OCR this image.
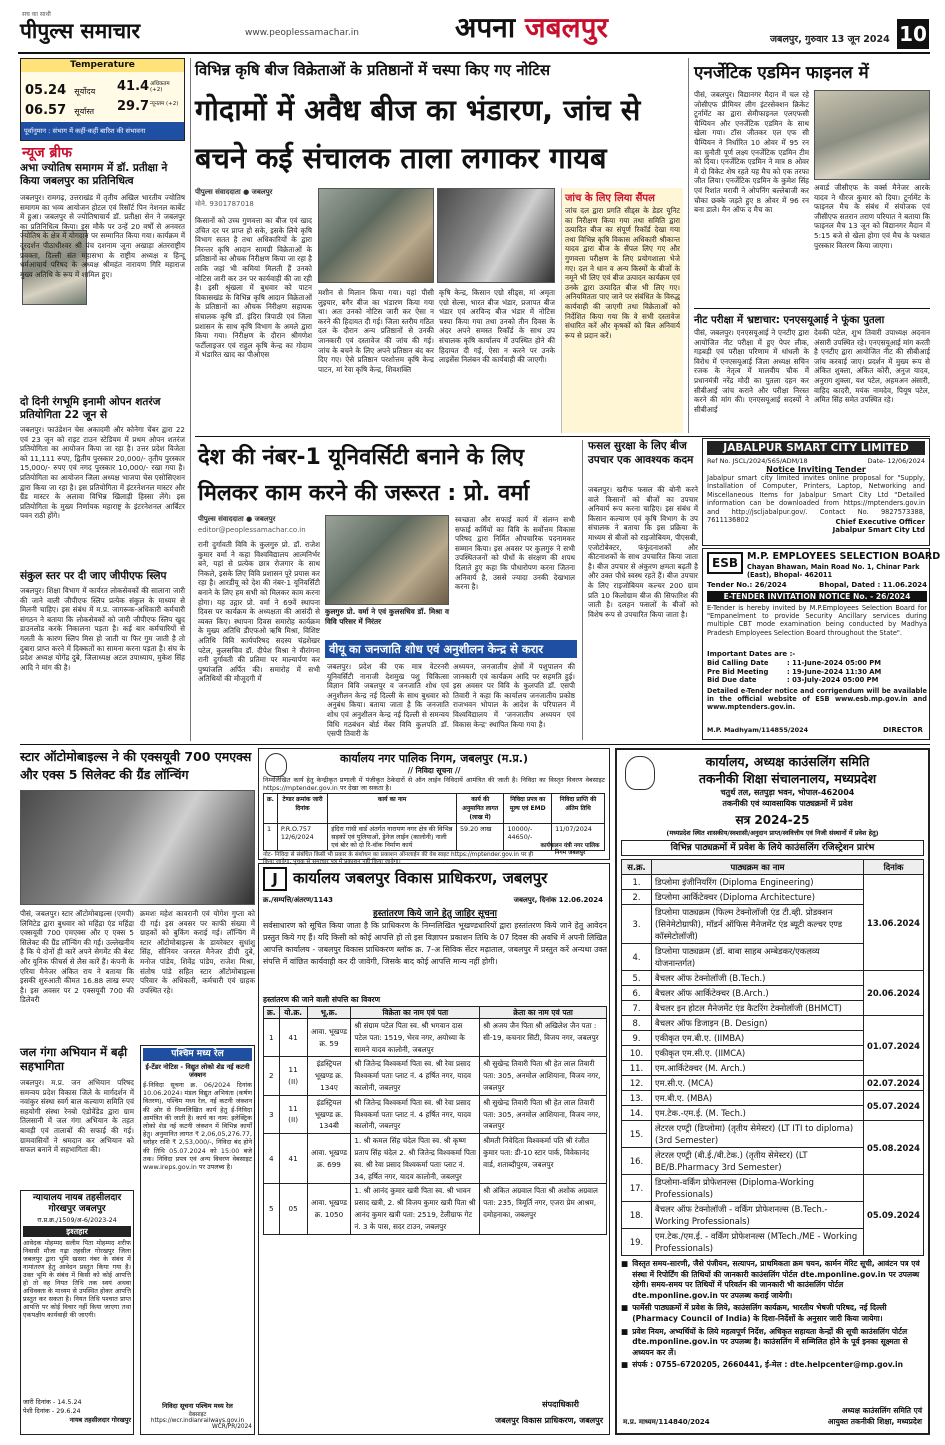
सच का साथी
पीपुल्स समाचार	www.peoplessamachar.in	अपना जबलपुर	जबलपुर, गुरुवार 13 जून 2024 10
Temperature
05.24 सूर्योदय 41.4 अधिकतम (+2)
06.57 सूर्यास्त 29.7 न्यूनतम (+2)
पूर्वानुमान : संभाग में कहीं-कहीं बारिश की संभावना
न्यूज ब्रीफ
अभा ज्योतिष समागम में डॉ. प्रतीक्षा ने किया जबलपुर का प्रतिनिधित्व
जबलपुर। रामगढ़, उत्तराखंड में तृतीय अखिल भारतीय ज्योतिष समागम का भव्य आयोजन होटल एवं रिसॉर्ट पिन नेशनल कार्बेट में हुआ। जबलपुर से ज्योतिषाचार्य डॉ. प्रतीक्षा सेन ने जबलपुर का प्रतिनिधित्व किया। इस मौके पर उन्हें 20 वर्षों से अनवरत ज्योतिष के क्षेत्र में योगदान पर सम्मानित किया गया। कार्यक्रम में दूरदर्शन पीठाधीश्वर श्री पंच दशनाम जूना अखाड़ा अंतरराष्ट्रीय प्रवक्ता, दिल्ली संत महासभा के राष्ट्रीय अध्यक्ष व हिन्दू धर्मआचार्य परिषद के अध्यक्ष श्रीमहंत नारायण गिरि महाराज मुख्य अतिथि के रूप में शामिल हुए।
दो दिनी रंगभूमि इनामी ओपन शतरंज प्रतियोगिता 22 जून से
जबलपुर। फाउंडेशन चेस अकादमी और कोनेगा चेंबर द्वारा 22 एवं 23 जून को राइट टाउन स्टेडियम में प्रथम ओपन शतरंज प्रतियोगिता का आयोजन किया जा रहा है। उत्तर प्रदेश विजेता को 11,111 रुपए, द्वितीय पुरस्कार 20,000/- तृतीय पुरस्कार 15,000/- रुपए एवं नगद पुरस्कार 10,000/- रखा गया है। प्रतियोगिता का आयोजन जिला अध्यक्ष भाजपा चेस एसोसिएशन द्वारा किया जा रहा है। इस प्रतियोगिता में इंटरनेशनल मास्टर और ग्रैंड मास्टर के अलावा विभिन्न खिलाड़ी हिस्सा लेंगे। इस प्रतियोगिता के मुख्य निर्णायक महाराष्ट्र के इंटरनेशनल आर्बिटर पवन राठी होंगे।
संकुल स्तर पर दी जाए जीपीएफ स्लिप
जबलपुर। शिक्षा विभाग में कार्यरत लोकसेवकों की सालाना जारी की जाने वाली जीपीएफ स्लिप प्रत्येक संकुल के माध्यम से मिलनी चाहिए। इस संबंध में म.प्र. जागरूक-अधिकारी कर्मचारी संगठन ने बताया कि लोकसेवकों को जारी जीपीएफ स्लिप खुद डाउनलोड करके निकालना पड़ता है। कई बार कर्मचारियों से गलती के कारण स्लिप मिस हो जाती या फिर गुम जाती है तो दुबारा प्राप्त करने में दिक्कतों का सामना करना पड़ता है। संघ के प्रदेश अध्यक्ष योगेंद्र दुबे, जिलाध्यक्ष अटल उपाध्याय, मुकेश सिंह आदि ने मांग की है।
विभिन्न कृषि बीज विक्रेताओं के प्रतिष्ठानों में चस्पा किए गए नोटिस
गोदामों में अवैध बीज का भंडारण, जांच से बचने कई संचालक ताला लगाकर गायब
पीपुल्स संवाददाता ● जबलपुर
मोने. 9301787018
किसानों को उच्च गुणवत्ता का बीज एवं खाद उचित दर पर प्राप्त हो सके, इसके लिये कृषि विभाग सतत है तथा अधिकारियों के द्वारा निरन्तर कृषि आदान सामग्री विक्रेताओं के प्रतिष्ठानों का औचक निरीक्षण किया जा रहा है ताकि जहां भी कमियां मिलती हैं उनको नोटिस जारी कर उन पर कार्यवाही की जा रही है। इसी श्रृंखला में बुधवार को पाटन विकासखंड के विभिन्न कृषि आदान विक्रेताओं के प्रतिष्ठानों का औचक निरीक्षण सहायक संचालक कृषि डॉ. इंदिरा त्रिपाठी एवं जिला प्रशासन के साथ कृषि विभाग के अमले द्वारा किया गया। निरीक्षण के दौरान श्रीगणेश फर्टीलाइजर एवं राहुल कृषि केन्द्र का गोदाम में भंडारित खाद का पीओएस
मशीन से मिलान किया गया। यहां पीसी लुइयार, बगैर बीज का भंडारण किया गया था। अतः उनको नोटिस जारी कर ऐसा न करने की हिदायत दी गई। जिला स्तरीय गठित दल के दौरान अन्य प्रतिष्ठानों से उनकी जानकारी एवं दस्तावेज की जांच की गई। जांच के बचने के लिए अपने प्रतिष्ठान बंद कर दिए गए। ऐसे प्रतिष्ठान परशोत्तम कृषि केन्द्र पाटन, मां रेवा कृषि केन्द्र, शिवशक्ति
कृषि केन्द्र, किसान एग्रो सीड्स, मां अमृता एग्रो सेल्स, भारत बीज भंडार, प्रजापत बीज भंडार एवं अरविन्द बीज भंडार में नोटिस चस्पा किया गया तथा उनको तीन दिवस के अंदर अपने समस्त रिकॉर्ड के साथ उप संचालक कृषि कार्यालय में उपस्थित होने की हिदायत दी गई, ऐसा न करने पर उनके लाइसेंस निलंबन की कार्यवाही की जाएगी।
जांच के लिए लिया सैंपल
जांच दल द्वारा प्रगति सीड्स के डेडर यूनिट का निरीक्षण किया गया तथा समिति द्वारा उत्पादित बीज का संपूर्ण रिकॉर्ड देखा गया तथा विभिन्न कृषि विकास अधिकारी श्रीकान्त यादव द्वारा बीज के सैंपल लिए गए और गुणवत्ता परीक्षण के लिए प्रयोगशाला भेजे गए। दल ने धान व अन्य किस्मों के बीजों के नमूने भी लिए एवं बीज उत्पादन कार्यक्रम एवं उनके द्वारा उत्पादित बीज भी लिए गए। अनियमितता पाए जाने पर संबंधित के विरुद्ध कार्यवाही की जाएगी तथा विक्रेताओं को निर्देशित किया गया कि वे सभी दस्तावेज संधारित करें और कृषकों को बिल अनिवार्य रूप से प्रदान करें।
एनर्जेटिक एडमिन फाइनल में
पीसं, जबलपुर। विद्यानगर मैदान में चल रहे जोसीएफ प्रीमियर लीग इंटरसेक्शन क्रिकेट टूर्नामेंट का द्वारा सेमीफाइनल एलएफसी चैम्पियन और एनर्जेटिक एडमिन के साथ खेला गया। टॉस जीतकर एल एफ सी चैम्पियन ने निर्धारित 10 ओवर में 95 रन का चुनौती पूर्ण लक्ष्य एनर्जेटिक एडमिन टीम को दिया। एनर्जेटिक एडमिन ने मात्र 8 ओवर में दो विकेट शेष रहते यह मैच को एक तरफा जीत लिया। एनर्जेटिक एडमिन के कुमेश सिंह एवं रिशांत मरावी ने ओपनिंग बल्लेबाजी कर चौका छक्के जड़ते हुए 8 ओवर में 96 रन बना डाले। मैन ऑफ द मैच का
अवार्ड जीसीएफ के वर्क्स मैनेजर आरके यादव ने धीरज कुमार को दिया। टूर्नामेंट के फाइनल मैच के संबंध में संयोजक एवं जीसीएफ सतरान तराण परियात ने बताया कि फाइनल मैच 13 जून को विद्यानगर मैदान में 5:15 बजे से खेला होगा एवं मैच के पश्चात पुरस्कार वितरण किया जाएगा।
नीट परीक्षा में भ्रष्टाचार: एनएसयूआई ने फूंका पुतला
पीसं, जबलपुर। एनएसयूआई ने एनटीए द्वारा आयोजित नीट परीक्षा में हुए पेपर लीक, गड़बड़ी एवं परीक्षा परिणाम में धांधली के विरोध में एनएसयूआई जिला अध्यक्ष सचिन रजक के नेतृत्व में मालवीय चौक में प्रधानमंत्री नरेंद्र मोदी का पुतला दहन कर सीबीआई जांच कराने और परीक्षा निरस्त करने की मांग की। एनएसयूआई सदस्यों ने सीबीआई
देवकी पटेल, शुभ तिवारी उपाध्यक्ष अदनान अंसारी उपस्थित रहे। एनएसयूआई मांग करती है एनटीए द्वारा आयोजित नीट की सीबीआई जांच करवाई जाए। प्रदर्शन में मुख्य रूप से अंकित शुक्ला, अंकित कोरी, अनुज यादव, अनुराग शुक्ला, यश पटेल, अहमअन अंसारी, वाहिद कादरी, मयंक नामदेव, पियूष पटेल, अमित सिंह समेत उपस्थित रहे।
देश की नंबर-1 यूनिवर्सिटी बनाने के लिए मिलकर काम करने की जरूरत : प्रो. वर्मा
पीपुल्स संवाददाता ● जबलपुर
editor@peoplessamachar.co.in
रानी दुर्गावती विवि के कुलगुरु प्रो. डॉ. राजेश कुमार वर्मा ने कहा विश्वविद्यालय आत्मनिर्भर बने, यहां से प्रत्येक छात्र रोजगार के साथ निकले, इसके लिए विवि प्रशासन पूरे प्रयास कर रहा है। आरडीयू को देश की नंबर-1 यूनिवर्सिटी बनाने के लिए हम सभी को मिलकर काम करना होगा। यह उद्गार प्रो. वर्मा ने 69वें स्थापना दिवस पर कार्यक्रम के अध्यक्षता की आसंदी से व्यक्त किए। स्थापना दिवस समारोह कार्यक्रम के मुख्य अतिथि डीएफओ ऋषि मिश्रा, विशिष्ट अतिथि विवि कार्यपरिषद सदस्य चंद्रशेखर पटेल, कुलसचिव डॉ. दीपेश मिश्रा ने वीरांगना रानी दुर्गावती की प्रतिमा पर माल्यार्पण कर पुष्पांजलि अर्पित की। समारोह में सभी अतिथियों की मौजूदगी में
कुलगुरु प्रो. वर्मा ने एवं कुलसचिव डॉ. मिश्रा व विवि परिसर में निरंतर
स्वच्छता और सफाई कार्य में संलग्न सभी सफाई कर्मियों का विवि के सर्वोत्तम विकास परिषद द्वारा निर्मित औपचारिक पदनामकर सम्मान किया। इस अवसर पर कुलगुरु ने सभी उपस्थितजनों को पौधों के संरक्षण की शपथ दिलाते हुए कहा कि पौधारोपण करना जितना अनिवार्य है, उससे ज्यादा उनकी देखभाल करना है।
वीयू का जनजाति शोध एवं अनुशीलन केन्द्र से करार
जबलपुर। प्रदेश की एक मात्र वेटरनरी यूनिवर्सिटी नानाजी देशमुख पशु चिकित्सा विज्ञान विवि जबलपुर व जनजाति शोध एवं अनुशीलन केन्द्र नई दिल्ली के साथ बुधवार को अनुबंध किया। बताया जाता है कि जनजाति शोध एवं अनुशीलन केन्द्र नई दिल्ली से समन्वय विधि गठबंधन बोर्ड मेंबर विवि कुलपति डॉ. एसपी तिवारी के
अध्ययन, जनजातीय क्षेत्रों में पशुपालन की जानकारी एवं कार्यक्रम आदि पर सहमति हुई। इस अवसर पर विवि के कुलपति डॉ. एसपी तिवारी ने कहा कि कार्यालय जनजातीय प्रकोष्ठ राजभवन भोपाल के आदेश के परिपालन में विश्वविद्यालय में 'जनजातीय अध्ययन एवं विकास केन्द्र' स्थापित किया गया है।
फसल सुरक्षा के लिए बीज उपचार एक आवश्यक कदम
जबलपुर। खरीफ फसल की बोनी करने वाले किसानों को बीजों का उपचार अनिवार्य रूप करना चाहिए। इस संबंध में किसान कल्याण एवं कृषि विभाग के उप संचालक ने बताया कि इस प्रक्रिया के माध्यम से बीजों को राइजोबियम, पीएसबी, एजोटोबेक्टर, फंफूंदनाशकों और कीटनाशकों के साथ उपचारित किया जाता है। बीज उपचार से अंकुरण क्षमता बढ़ती है और उक्त पौधे स्वस्थ रहते हैं। बीज उपचार के लिए राइजोबियम कल्चर 200 ग्राम प्रति 10 किलोग्राम बीज की सिफारिश की जाती है। दलहन फसलों के बीजों को विशेष रूप से उपचारित किया जाता है।
JABALPUR SMART CITY LIMITED
Ref No. JSCL/2024/565/ADM/18	Date- 12/06/2024
Notice Inviting Tender
Jabalpur smart city limited invites online proposal for "Supply, Installation of Computer, Printers, Laptop, Networking and Miscellaneous Items for Jabalpur Smart City Ltd "Detailed information can be downloaded from https://mptenders.gov.in and http://jscljabalpur.gov/. Contact No. 9827573388, 7611136802	Chief Executive Officer
Jabalpur Smart City Ltd
ESB M.P. EMPLOYEES SELECTION BOARD
Chayan Bhawan, Main Road No. 1, Chinar Park (East), Bhopal- 462011
Tender No.: 26/2024	Bhopal, Dated : 11.06.2024
E-TENDER INVITATION NOTICE No. - 26/2024
E-Tender is hereby invited by M.P.Employees Selection Board for "Empanelment to provide Security Ancillary services during multiple CBT mode examination being conducted by Madhya Pradesh Employees Selection Board throughout the State".
Important Dates are :-
Bid Calling Date	: 11-June-2024 05:00 PM
Pre Bid Meeting	: 19-June-2024 11:30 AM
Bid Due date	: 03-July-2024 05:00 PM
Detailed e-Tender notice and corrigendum will be available in the official website of ESB www.esb.mp.gov.in and www.mptenders.gov.in.
M.P. Madhyam/114855/2024	DIRECTOR
स्टार ऑटोमोबाइल्स ने की एक्सयूवी 700 एमएक्स और एक्स 5 सिलेक्ट की ग्रैंड लॉन्चिंग
पीसं, जबलपुर। स्टार ऑटोमोबाइल्स (एमपी) लिमिटेड द्वारा बुधवार को महिंद्रा एंड महिंद्रा एक्सयूवी 700 एमएक्स और ए एक्स 5 सिलेक्ट की ग्रैंड लॉन्चिंग की गई। उल्लेखनीय है कि ये दोनों ही कारें अपने सेगमेंट की बेस्ट और यूनिक फीचर्स से लैस कारें हैं। कंपनी के एरिया मैनेजर अंकित राय ने बताया कि इसकी शुरुआती कीमत 16.88 लाख रुपए है। इस अवसर पर 2 एक्सयूवी 700 की डिलेवरी
क्रमशः महेश कावरानी एवं योगेश गुप्ता को दी गई। इस अवसर पर काफी संख्या में ग्राहकों को बुकिंग कराई गई। लॉन्चिंग में स्टार ऑटोमोबाइल्स के डायरेक्टर सुधांशु सिंह, सीनियर जनरल मैनेजर डीपी दुबे, मनोज पांडेय, शिवेंद्र पांडेय, राजेश मिश्रा, संतोष पांडे सहित स्टार ऑटोमोबाइल्स परिवार के अधिकारी, कर्मचारी एवं ग्राहक उपस्थित रहे।
जल गंगा अभियान में बढ़ी सहभागिता
जबलपुर। म.प्र. जन अभियान परिषद समन्वय प्रदेश विकास जिले के मार्गदर्शन में नवांकुर संस्था स्वर्ग बाल कल्याण समिति एवं सहयोगी संस्था रेनबो एंडोवेंडेड द्वारा ग्राम तिलसानी में जल गंगा अभियान के तहत बावड़ी एवं तालाबों की सफाई की गई। ग्रामवासियों ने श्रमदान कर अभियान को सफल बनाने में सहभागिता की।
न्यायालय नायब तहसीलदार गोरखपुर जबलपुर
रा.प्र.क्र./1509/अ-6/2023-24
इश्तहार
आवेदक मोहम्मद सलीम पिता मोहम्मद शरीफ निवासी मौजा गढ़ा तहसील गोरखपुर जिला जबलपुर द्वारा भूमि खसरा नंबर के संबंध में नामांतरण हेतु आवेदन प्रस्तुत किया गया है। उक्त भूमि के संबंध में किसी को कोई आपत्ति हो तो वह नियत तिथि तक स्वयं अथवा अधिवक्ता के माध्यम से उपस्थित होकर आपत्ति प्रस्तुत कर सकता है। नियत तिथि पश्चात प्राप्त आपत्ति पर कोई विचार नहीं किया जाएगा तथा एकपक्षीय कार्यवाही की जाएगी।
जारी दिनांक - 14.5.24
पेशी दिनांक - 29.6.24
नायब तहसीलदार गोरखपुर
पश्चिम मध्य रेल
ई-टेंडर नोटिस - विद्युत लोको शेड नई कटनी जंक्शन
ई-निविदा सूचना क्र. 06/2024 दिनांक 10.06.2024। मंडल विद्युत अभियंता (कर्षण वितरण), पश्चिम मध्य रेल, नई कटनी जंक्शन की ओर से निम्नलिखित कार्य हेतु ई-निविदा आमंत्रित की जाती है। कार्य का नाम: इलेक्ट्रिक लोको शेड नई कटनी जंक्शन में विभिन्न कार्यों हेतु। अनुमानित लागत ₹ 2,06,05,276.77, धरोहर राशि ₹ 2,53,000/-, निविदा बंद होने की तिथि 05.07.2024 को 15:00 बजे तक। निविदा प्रपत्र एवं अन्य विवरण वेबसाइट www.ireps.gov.in पर उपलब्ध है।
निविदा सूचना पश्चिम मध्य रेल
वेबसाइट https://wcr.indianrailways.gov.in
WCR/PR/2024
कार्यालय नगर पालिक निगम, जबलपुर (म.प्र.)
// निविदा सूचना //
निम्नलिखित कार्य हेतु केन्द्रीकृत प्रणाली में पंजीकृत ठेकेदारों से ऑन लाईन निविदायें आमंत्रित की जाती है। निविदा का विस्तृत विवरण वेबसाइट https://mptender.gov.in पर देखा जा सकता है।
क्र.	टेण्डर क्रमांक जारी दिनांक	कार्य का नाम	कार्य की अनुमानित लागत (लाख में)	निविदा प्रपत्र का मूल्य एवं EMD	निविदा प्राप्ति की अंतिम तिथि
1	P.R.O.757 12/6/2024	इंदिरा गांधी वार्ड अंतर्गत नारायण नगर क्षेत्र की विभिन्न सड़कों एवं पुलियाओं, ड्रेनेज लाईन (कालोनी) नाली एवं बोर को दो रि-वॉक निर्माण कार्य	59.20 लाख	10000/- 44650/-	11/07/2024
नोट- निविदा से संबंधित किसी भी प्रकार के संशोधन का प्रकाशन ऑनलाईन की वेब साइट https://mptender.gov.in पर ही किया जावेगा, पृथक से समाचार पत्र में प्रकाशन नहीं किया जावेगा।
कार्यपालन यंत्री नगर पालिक निगम जबलपुर
J	कार्यालय जबलपुर विकास प्राधिकरण, जबलपुर
क्र./सम्पत्ति/अंतरण/1143	जबलपुर, दिनांक 12.06.2024
हस्तांतरण किये जाने हेतु जाहिर सूचना
सर्वसाधारण को सूचित किया जाता है कि प्राधिकरण के निम्नलिखित भूखण्डधारियों द्वारा हस्तांतरण किये जाने हेतु आवेदन प्रस्तुत किये गए हैं। यदि किसी को कोई आपत्ति हो तो इस विज्ञापन प्रकाशन तिथि के 07 दिवस की अवधि में अपनी लिखित आपत्ति कार्यालय - जबलपुर विकास प्राधिकरण ब्लॉक क्र. 7-अ सिविक सेंटर मढ़ाताल, जबलपुर में प्रस्तुत करें अन्यथा उक्त संपत्ति में वांछित कार्यवाही कर दी जावेगी, जिसके बाद कोई आपत्ति मान्य नहीं होगी।
हस्तांतरण की जाने वाली संपत्ति का विवरण
क्र.	यो.क्र.	भू.क्र.	विक्रेता का नाम एवं पता	क्रेता का नाम एवं पता
1	41	आवा. भूखण्ड क्र. 59	श्री संग्राम पटेल पिता स्व. श्री भगवान दास पटेल पता: 1519, भेरव नगर, अयोध्या के सामने यादव कालोनी, जबलपुर	श्री अजय जैन पिता श्री अखिलेश जैन पता : सी-19, कचनार सिटी, विजय नगर, जबलपुर
2	11 (II)	इंडस्ट्रियल भूखण्ड क्र. 134ए	श्री जितेन्द्र विश्वकर्मा पिता स्व. श्री रेवा प्रसाद विश्वकर्मा पताः प्लाट नं. 4 हर्षित नगर, यादव कालोनी, जबलपुर	श्री सुखेन्द्र तिवारी पिता श्री हेत लाल तिवारी पता: 305, अनमोल आशियाना, विजय नगर, जबलपुर
3	11 (II)	इंडस्ट्रियल भूखण्ड क्र. 134बी	श्री जितेन्द्र विश्वकर्मा पिता स्व. श्री रेवा प्रसाद विश्वकर्मा पताः प्लाट नं. 4 हर्षित नगर, यादव कालोनी, जबलपुर	श्री सुखेन्द्र तिवारी पिता श्री हेत लाल तिवारी पता: 305, अनमोल आशियाना, विजय नगर, जबलपुर
4	41	आवा. भूखण्ड क्र. 699	1. श्री कमल सिंह चंदेल पिता स्व. श्री कृष्ण प्रताप सिंह चंदेल 2. श्री जितेन्द्र विश्वकर्मा पिता स्व. श्री रेवा प्रसाद विश्वकर्मा पताः प्लाट नं. 34, हर्षित नगर, यादव कालोनी, जबलपुर	श्रीमती निवेदिता विश्वकर्मा पति श्री रंजीत कुमार पता: डी-10 स्टार पार्क, विवेकानंद वार्ड, शताब्दीपुरम, जबलपुर
5	05	आवा. भूखण्ड क्र. 1050	1. श्री आनंद कुमार खत्री पिता स्व. श्री भावन प्रसाद खत्री, 2. श्री विजय कुमार खत्री पिता श्री आनंद कुमार खत्री पता: 2519, टेलीग्राफ गेट नं. 3 के पास, सदर टाउन, जबलपुर	श्री अंकित अग्रवाल पिता श्री अशोक अग्रवाल पता: 235, त्रिमूर्ति नगर, एजरा प्रेम आश्रम, दमोहनाका, जबलपुर
संपदाधिकारी
जबलपुर विकास प्राधिकरण, जबलपुर
कार्यालय, अध्यक्ष काउंसलिंग समिति
तकनीकी शिक्षा संचालनालय, मध्यप्रदेश
चतुर्थ तल, सतपुड़ा भवन, भोपाल-462004
तकनीकी एवं व्यावसायिक पाठ्यक्रमों में प्रवेश
सत्र 2024-25
(मध्यप्रदेश स्थित शासकीय/स्वशासी/अनुदान प्राप्त/स्ववित्तीय एवं निजी संस्थानों में प्रवेश हेतु)
विभिन्न पाठ्यक्रमों में प्रवेश के लिये काउंसलिंग रजिस्ट्रेशन प्रारंभ
स.क्र.	पाठ्यक्रम का नाम	दिनांक
1.	डिप्लोमा इंजीनियरिंग (Diploma Engineering)	13.06.2024
2.	डिप्लोमा आर्किटेक्चर (Diploma Architecture)	
3.	डिप्लोमा पाठ्यक्रम (फिल्म टेक्नोलॉजी एंड टी.व्ही. प्रोडक्शन (सिनेमेटोग्राफी), मॉडर्न ऑफिस मैनेजमेंट एंड ब्यूटी कल्चर एण्ड कॉस्मेटोलॉजी)	
4.	डिप्लोमा पाठ्यक्रम (डॉ. बाबा साहब अम्बेडकर/एकलव्य योजनान्तर्गत)	
5.	बैचलर ऑफ टेक्नोलॉजी (B.Tech.)	20.06.2024
6.	बैचलर ऑफ आर्किटेक्चर (B.Arch.)	
7.	बैचलर इन होटल मैनेजमेंट एंड कैटरिंग टेक्नोलॉजी (BHMCT)	
8.	बैचलर ऑफ डिजाइन (B. Design)	01.07.2024
9.	एकीकृत एम.बी.ए. (IIMBA)	
10.	एकीकृत एम.सी.ए. (IIMCA)	
11.	एम.आर्किटेक्चर (M. Arch.)	
12.	एम.सी.ए. (MCA)	02.07.2024
13.	एम.बी.ए. (MBA)	05.07.2024
14.	एम.टेक.-एम.ई. (M. Tech.)	
15.	लेटरल एण्ट्री (डिप्लोमा) (तृतीय सेमेस्टर) (LT ITI to diploma) (3rd Semester)	05.08.2024
16.	लेटरल एण्ट्री (बी.ई./बी.टेक.) (तृतीय सेमेस्टर) (LT BE/B.Pharmacy 3rd Semester)	
17.	डिप्लोमा-वर्किंग प्रोफेशनल्स (Diploma-Working Professionals)	05.09.2024
18.	बैचलर ऑफ टेक्नोलॉजी - वर्किंग प्रोफेशनल्स (B.Tech.-Working Professionals)	
19.	एम.टेक./एम.ई. - वर्किंग प्रोफेशनल्स (MTech./ME - Working Professionals)	
■ विस्तृत समय-सारणी, जैसे पंजीयन, सत्यापन, प्राथमिकता क्रम चयन, कार्मन मेरिट सूची, आवंटन पत्र एवं संस्था में रिपोर्टिंग की तिथियों की जानकारी काउंसलिंग पोर्टल dte.mponline.gov.in पर उपलब्ध रहेगी। समय-समय पर तिथियों में परिवर्तन की जानकारी भी काउंसलिंग पोर्टल dte.mponline.gov.in पर उपलब्ध कराई जायेगी।
■ फार्मेसी पाठ्यक्रमों में प्रवेश के लिये, काउंसलिंग कार्यक्रम, भारतीय भेषजी परिषद, नई दिल्ली (Pharmacy Council of India) के दिशा-निर्देशों के अनुसार जारी किया जायेगा।
■ प्रवेश नियम, अभ्यर्थियों के लिये महत्वपूर्ण निर्देश, अधिकृत सहायता केन्द्रों की सूची काउंसलिंग पोर्टल dte.mponline.gov.in पर उपलब्ध है। काउंसलिंग में सम्मिलित होने के पूर्व इनका सूक्ष्मता से अध्ययन कर लें।
■ संपर्क : 0755-6720205, 2660441, ई-मेल : dte.helpcenter@mp.gov.in
म.प्र. माध्यम/114840/2024
अध्यक्ष काउंसलिंग समिति एवं
आयुक्त तकनीकी शिक्षा, मध्यप्रदेश
